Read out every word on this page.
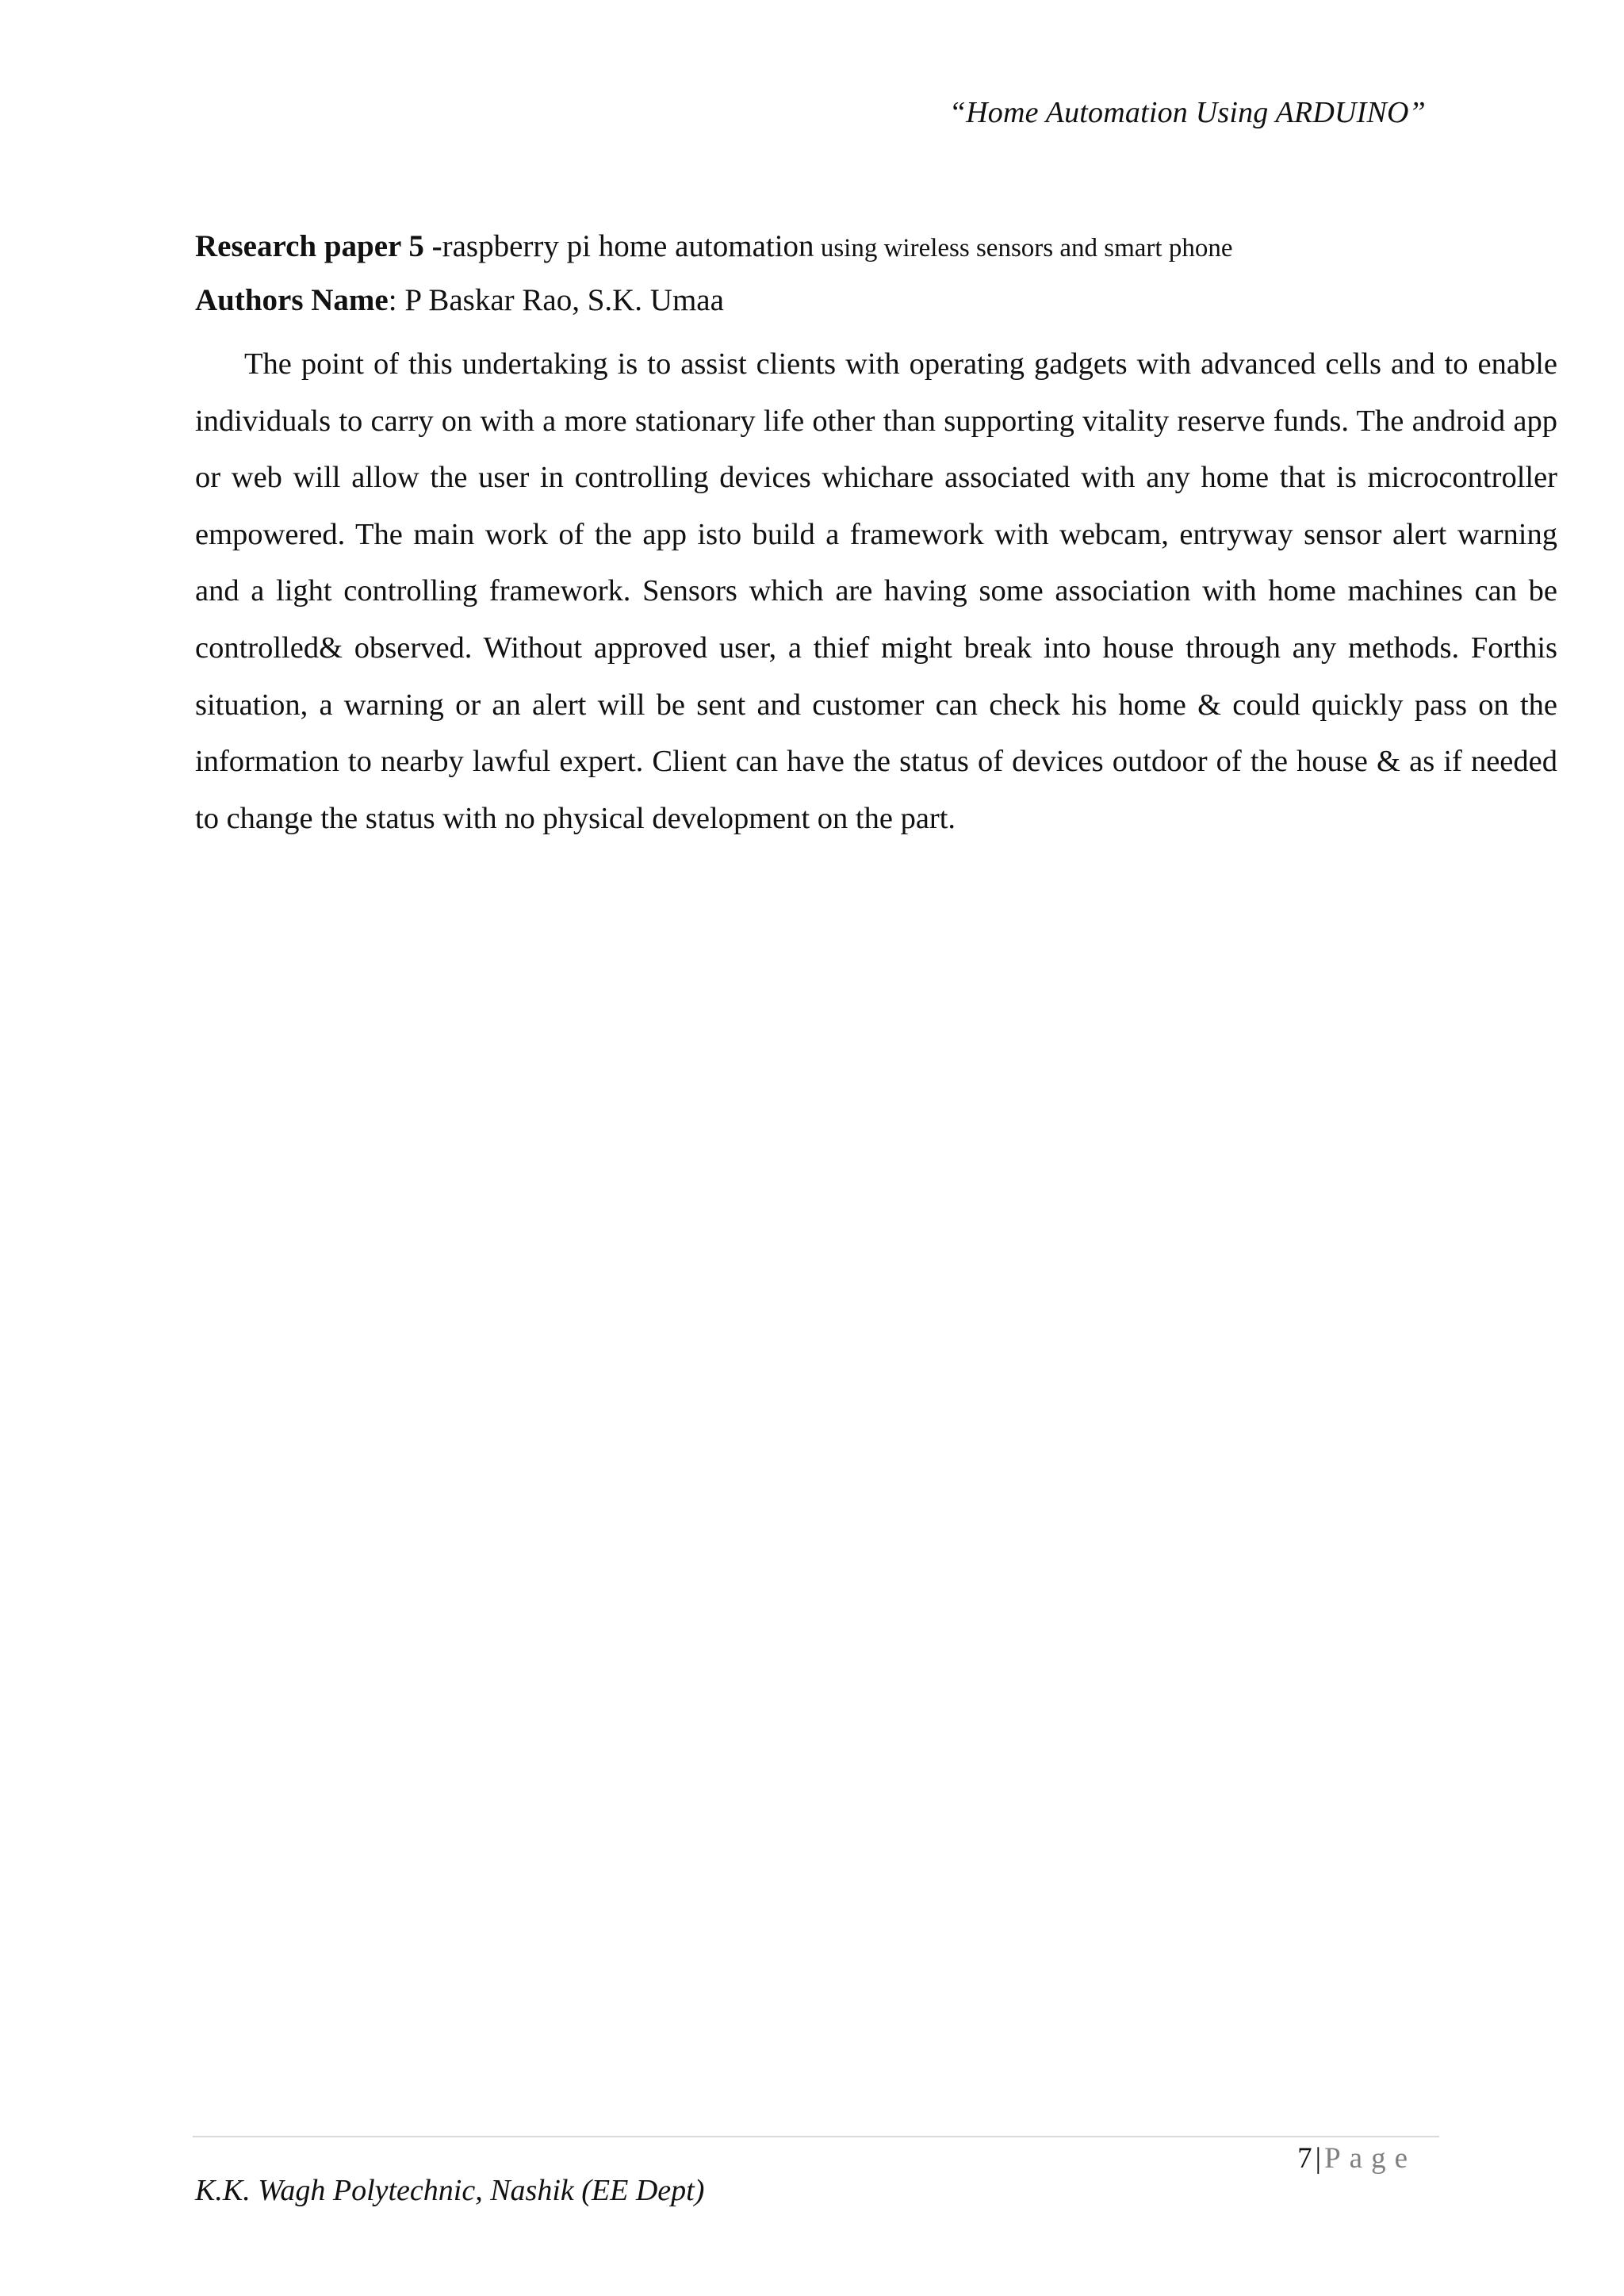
“Home Automation Using ARDUINO”
Research paper 5 -raspberry pi home automation using wireless sensors and smart phone
Authors Name: P Baskar Rao, S.K. Umaa

The point of this undertaking is to assist clients with operating gadgets with advanced cells and to enable individuals to carry on with a more stationary life other than supporting vitality reserve funds. The android app or web will allow the user in controlling devices whichare associated with any home that is microcontroller empowered. The main work of the app isto build a framework with webcam, entryway sensor alert warning and a light controlling framework. Sensors which are having some association with home machines can be controlled& observed. Without approved user, a thief might break into house through any methods. Forthis situation, a warning or an alert will be sent and customer can check his home & could quickly pass on the information to nearby lawful expert. Client can have the status of devices outdoor of the house & as if needed to change the status with no physical development on the part.

7 | Page
K.K. Wagh Polytechnic, Nashik (EE Dept)
